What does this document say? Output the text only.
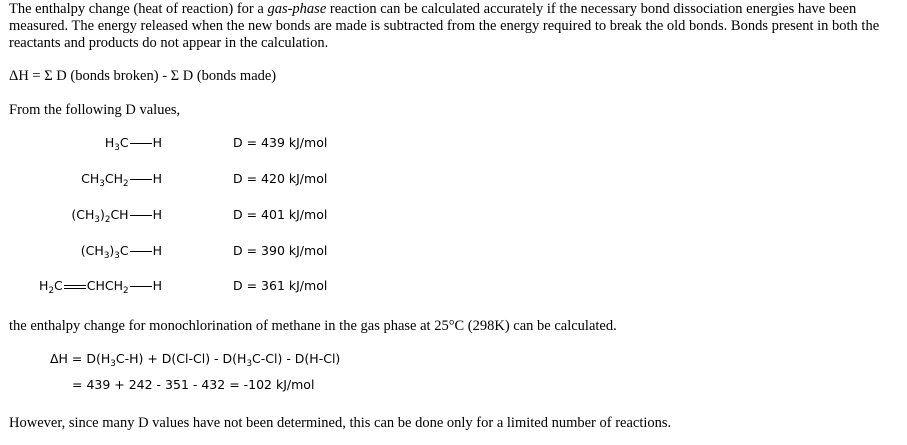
The enthalpy change (heat of reaction) for a gas-phase reaction can be calculated accurately if the necessary bond dissociation energies have been measured. The energy released when the new bonds are made is subtracted from the energy required to break the old bonds. Bonds present in both the reactants and products do not appear in the calculation.
ΔH = Σ D (bonds broken) - Σ D (bonds made)
From the following D values,
$H_3C$ H	D = 439 kJ/mol
$CH_3CH_2$ H	D = 420 kJ/mol
$(CH_3)_2CH$ H	D = 401 kJ/mol
$(CH_3)_3C$ H	D = 390 kJ/mol
$H_2C$ $CHCH_2$ H	D = 361 kJ/mol
the enthalpy change for monochlorination of methane in the gas phase at 25°C (298K) can be calculated.
$\Delta H = D(H_3C-H) + D(Cl-Cl) - D(H_3C-Cl) - D(H-Cl)$
= 439 + 242 - 351 - 432 = -102 kJ/mol
However, since many D values have not been determined, this can be done only for a limited number of reactions.
